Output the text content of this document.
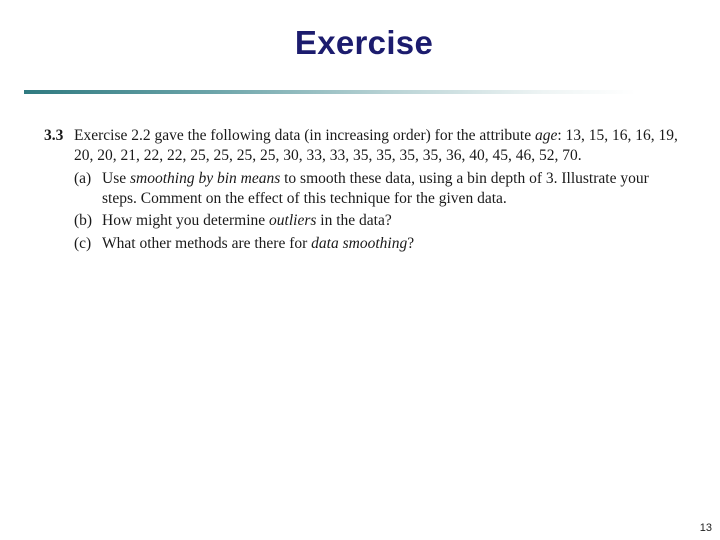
Exercise
3.3 Exercise 2.2 gave the following data (in increasing order) for the attribute age: 13, 15, 16, 16, 19, 20, 20, 21, 22, 22, 25, 25, 25, 25, 30, 33, 33, 35, 35, 35, 35, 36, 40, 45, 46, 52, 70.
(a) Use smoothing by bin means to smooth these data, using a bin depth of 3. Illustrate your steps. Comment on the effect of this technique for the given data.
(b) How might you determine outliers in the data?
(c) What other methods are there for data smoothing?
13
